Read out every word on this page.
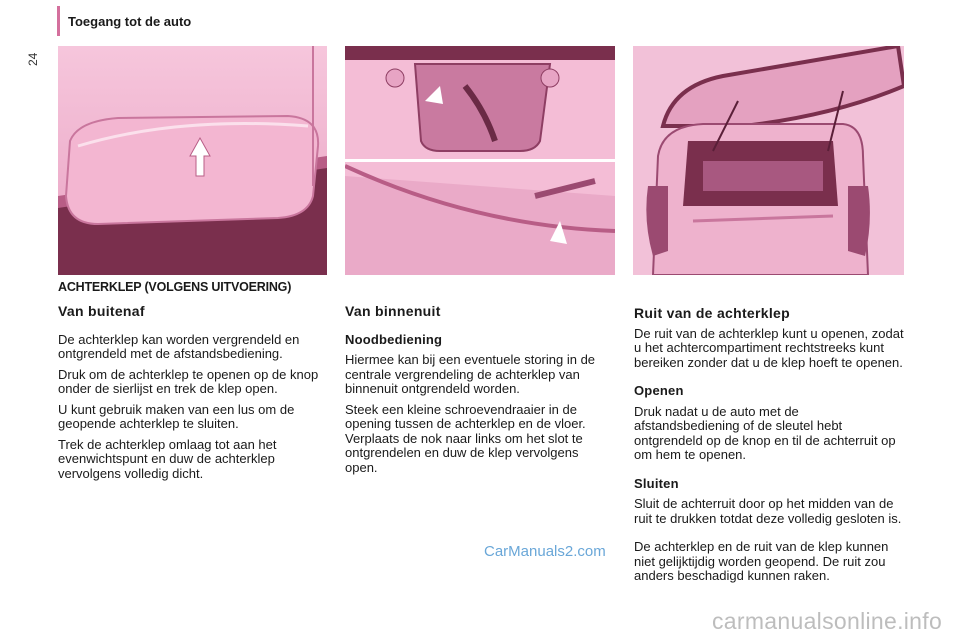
24
Toegang tot de auto
ACHTERKLEP (VOLGENS UITVOERING)
Van buitenaf

De achterklep kan worden vergrendeld en ontgrendeld met de afstandsbediening.

Druk om de achterklep te openen op de knop onder de sierlijst en trek de klep open.

U kunt gebruik maken van een lus om de geopende achterklep te sluiten.

Trek de achterklep omlaag tot aan het evenwichtspunt en duw de achterklep vervolgens volledig dicht.

Van binnenuit
Noodbediening

Hiermee kan bij een eventuele storing in de centrale vergrendeling de achterklep van binnenuit ontgrendeld worden.

Steek een kleine schroevendraaier in de opening tussen de achterklep en de vloer. Verplaats de nok naar links om het slot te ontgrendelen en duw de klep vervolgens open.

Ruit van de achterklep

De ruit van de achterklep kunt u openen, zodat u het achtercompartiment rechtstreeks kunt bereiken zonder dat u de klep hoeft te openen.

Openen

Druk nadat u de auto met de afstandsbediening of de sleutel hebt ontgrendeld op de knop en til de achterruit op om hem te openen.

Sluiten

Sluit de achterruit door op het midden van de ruit te drukken totdat deze volledig gesloten is.

De achterklep en de ruit van de klep kunnen niet gelijktijdig worden geopend. De ruit zou anders beschadigd kunnen raken.

CarManuals2.com
carmanualsonline.info
